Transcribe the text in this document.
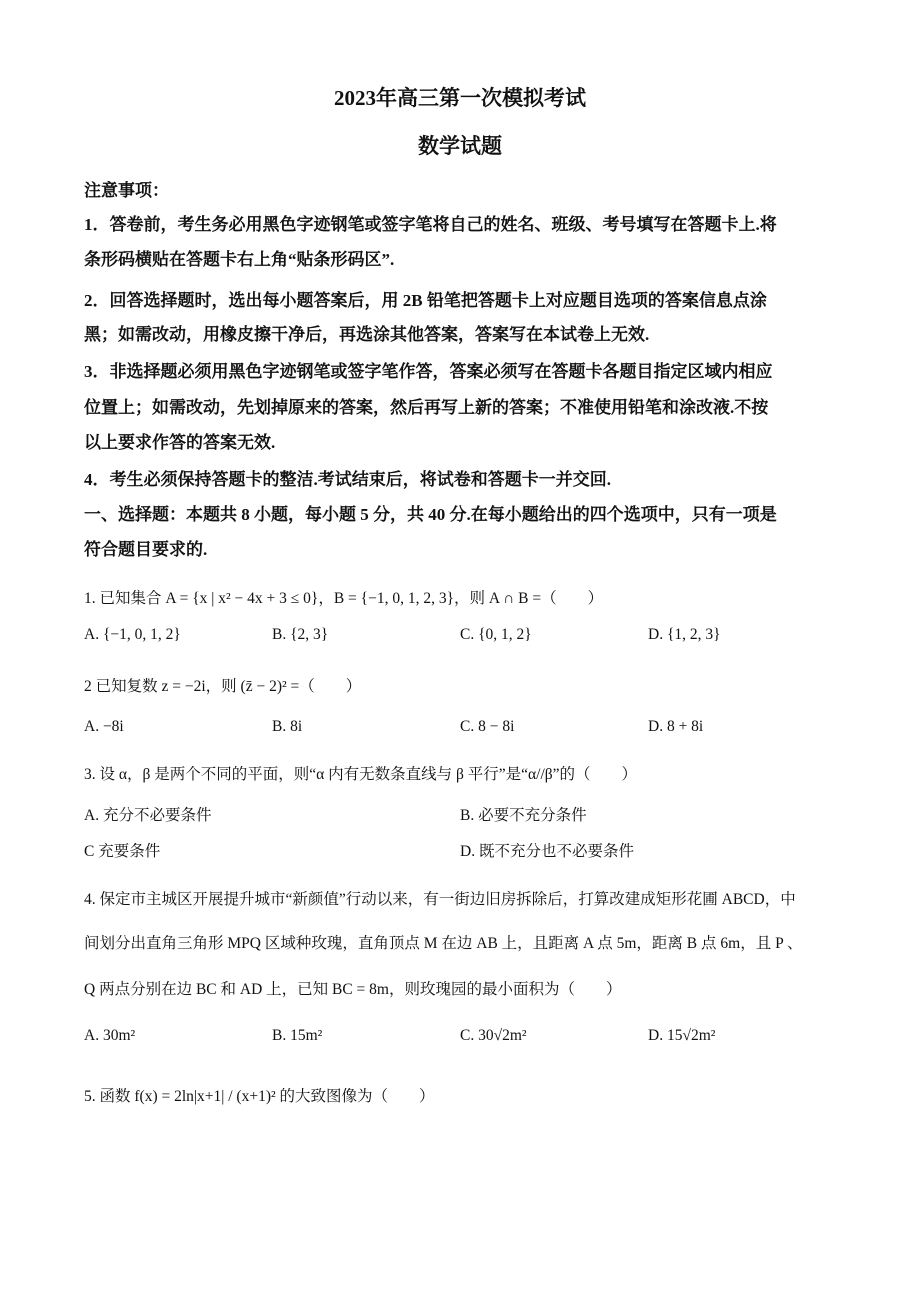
2023年高三第一次模拟考试
数学试题
注意事项：
1．答卷前，考生务必用黑色字迹钢笔或签字笔将自己的姓名、班级、考号填写在答题卡上.将
条形码横贴在答题卡右上角“贴条形码区”.
2．回答选择题时，选出每小题答案后，用 2B 铅笔把答题卡上对应题目选项的答案信息点涂
黑；如需改动，用橡皮擦干净后，再选涂其他答案，答案写在本试卷上无效.
3．非选择题必须用黑色字迹钢笔或签字笔作答，答案必须写在答题卡各题目指定区域内相应
位置上；如需改动，先划掉原来的答案，然后再写上新的答案；不准使用铅笔和涂改液.不按
以上要求作答的答案无效.
4．考生必须保持答题卡的整洁.考试结束后，将试卷和答题卡一并交回.
一、选择题：本题共 8 小题，每小题 5 分，共 40 分.在每小题给出的四个选项中，只有一项是
符合题目要求的.
1. 已知集合 A = {x | x² − 4x + 3 ≤ 0}，B = {−1, 0, 1, 2, 3}，则 A ∩ B =（　　）
A. {−1, 0, 1, 2}	B. {2, 3}	C. {0, 1, 2}	D. {1, 2, 3}
2 已知复数 z = −2i，则 (z̄ − 2)² =（　　）
A. −8i	B. 8i	C. 8 − 8i	D. 8 + 8i
3. 设 α，β 是两个不同的平面，则“α 内有无数条直线与 β 平行”是“α//β”的（　　）
A. 充分不必要条件	B. 必要不充分条件
C 充要条件	D. 既不充分也不必要条件
4. 保定市主城区开展提升城市“新颜值”行动以来，有一街边旧房拆除后，打算改建成矩形花圃 ABCD，中
间划分出直角三角形 MPQ 区域种玫瑰，直角顶点 M 在边 AB 上，且距离 A 点 5m，距离 B 点 6m，且 P 、
Q 两点分别在边 BC 和 AD 上，已知 BC = 8m，则玫瑰园的最小面积为（　　）
A. 30m²	B. 15m²	C. 30√2m²	D. 15√2m²
5. 函数 f(x) = 2ln|x+1| / (x+1)² 的大致图像为（　　）
